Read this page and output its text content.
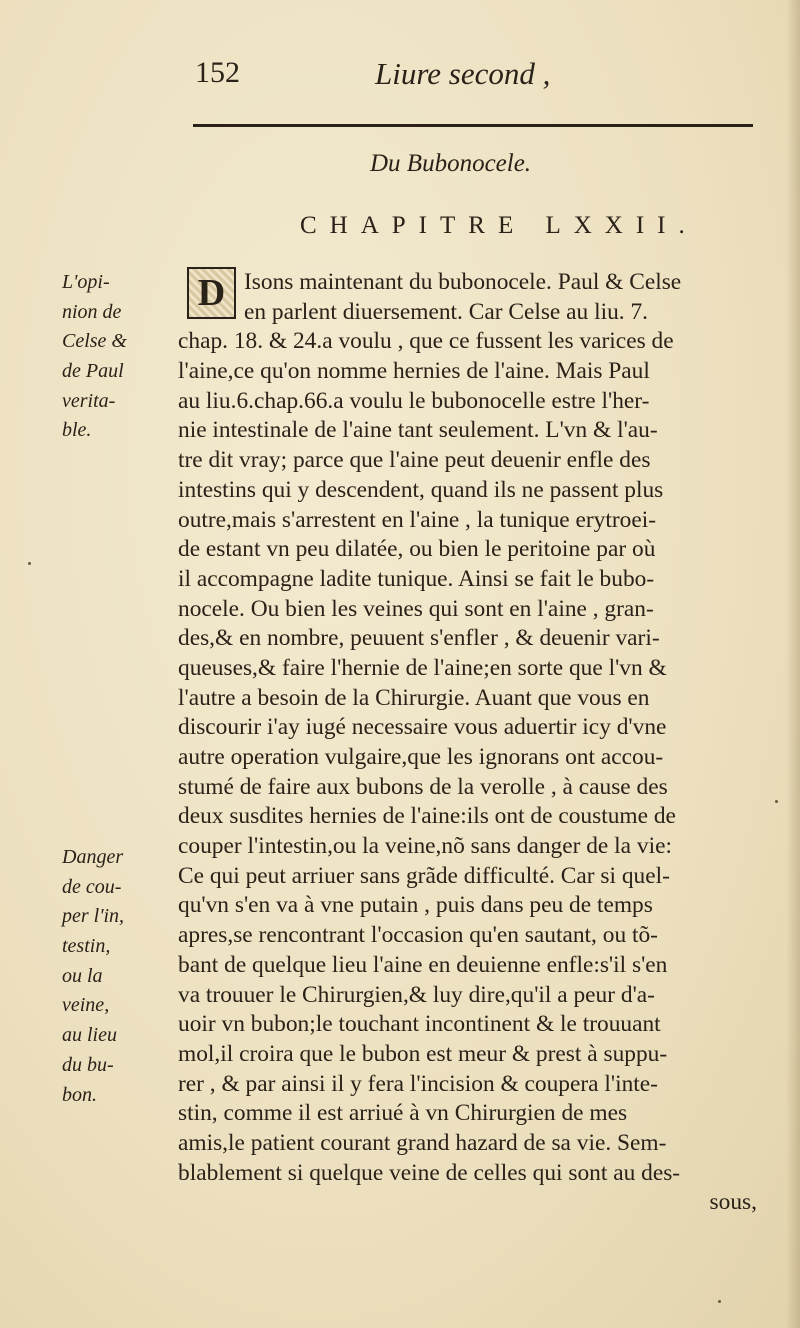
152	Liure second ,
Du Bubonocele.
CHAPITRE LXXII.
D Isons maintenant du bubonocele. Paul & Celse
en parlent diuersement. Car Celse au liu. 7.
chap. 18. & 24.a voulu , que ce fussent les varices de
l'aine,ce qu'on nomme hernies de l'aine. Mais Paul
au liu.6.chap.66.a voulu le bubonocelle estre l'her-
nie intestinale de l'aine tant seulement. L'vn & l'au-
tre dit vray; parce que l'aine peut deuenir enfle des
intestins qui y descendent, quand ils ne passent plus
outre,mais s'arrestent en l'aine , la tunique erytroei-
de estant vn peu dilatée, ou bien le peritoine par où
il accompagne ladite tunique. Ainsi se fait le bubo-
nocele. Ou bien les veines qui sont en l'aine , gran-
des,& en nombre, peuuent s'enfler , & deuenir vari-
queuses,& faire l'hernie de l'aine;en sorte que l'vn &
l'autre a besoin de la Chirurgie. Auant que vous en
discourir i'ay iugé necessaire vous aduertir icy d'vne
autre operation vulgaire,que les ignorans ont accou-
stumé de faire aux bubons de la verolle , à cause des
deux susdites hernies de l'aine:ils ont de coustume de
couper l'intestin,ou la veine,nõ sans danger de la vie:
Ce qui peut arriuer sans grãde difficulté. Car si quel-
qu'vn s'en va à vne putain , puis dans peu de temps
apres,se rencontrant l'occasion qu'en sautant, ou tõ-
bant de quelque lieu l'aine en deuienne enfle:s'il s'en
va trouuer le Chirurgien,& luy dire,qu'il a peur d'a-
uoir vn bubon;le touchant incontinent & le trouuant
mol,il croira que le bubon est meur & prest à suppu-
rer , & par ainsi il y fera l'incision & coupera l'inte-
stin, comme il est arriué à vn Chirurgien de mes
amis,le patient courant grand hazard de sa vie. Sem-
blablement si quelque veine de celles qui sont au des-
sous,
L'opi-
nion de
Celse &
de Paul
verita-
ble.
Danger
de cou-
per l'in,
testin,
ou la
veine,
au lieu
du bu-
bon.
